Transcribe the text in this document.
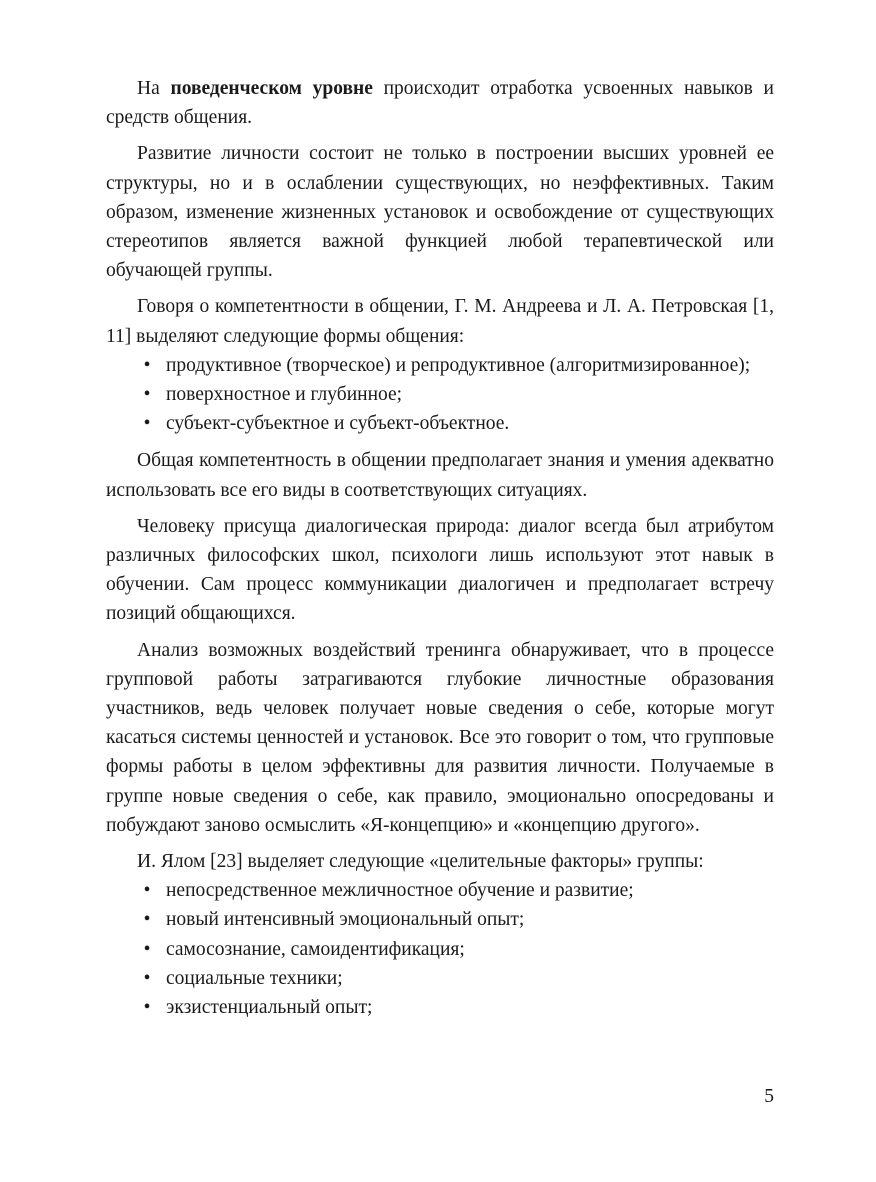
На поведенческом уровне происходит отработка усвоенных навыков и средств общения.

Развитие личности состоит не только в построении высших уровней ее структуры, но и в ослаблении существующих, но неэффективных. Таким образом, изменение жизненных установок и освобождение от существующих стереотипов является важной функцией любой терапевтической или обучающей группы.

Говоря о компетентности в общении, Г. М. Андреева и Л. А. Петровская [1, 11] выделяют следующие формы общения:

• продуктивное (творческое) и репродуктивное (алгоритмизированное);
• поверхностное и глубинное;
• субъект-субъектное и субъект-объектное.

Общая компетентность в общении предполагает знания и умения адекватно использовать все его виды в соответствующих ситуациях.

Человеку присуща диалогическая природа: диалог всегда был атрибутом различных философских школ, психологи лишь используют этот навык в обучении. Сам процесс коммуникации диалогичен и предполагает встречу позиций общающихся.

Анализ возможных воздействий тренинга обнаруживает, что в процессе групповой работы затрагиваются глубокие личностные образования участников, ведь человек получает новые сведения о себе, которые могут касаться системы ценностей и установок. Все это говорит о том, что групповые формы работы в целом эффективны для развития личности. Получаемые в группе новые сведения о себе, как правило, эмоционально опосредованы и побуждают заново осмыслить «Я-концепцию» и «концепцию другого».

И. Ялом [23] выделяет следующие «целительные факторы» группы:

• непосредственное межличностное обучение и развитие;
• новый интенсивный эмоциональный опыт;
• самосознание, самоидентификация;
• социальные техники;
• экзистенциальный опыт;
5
